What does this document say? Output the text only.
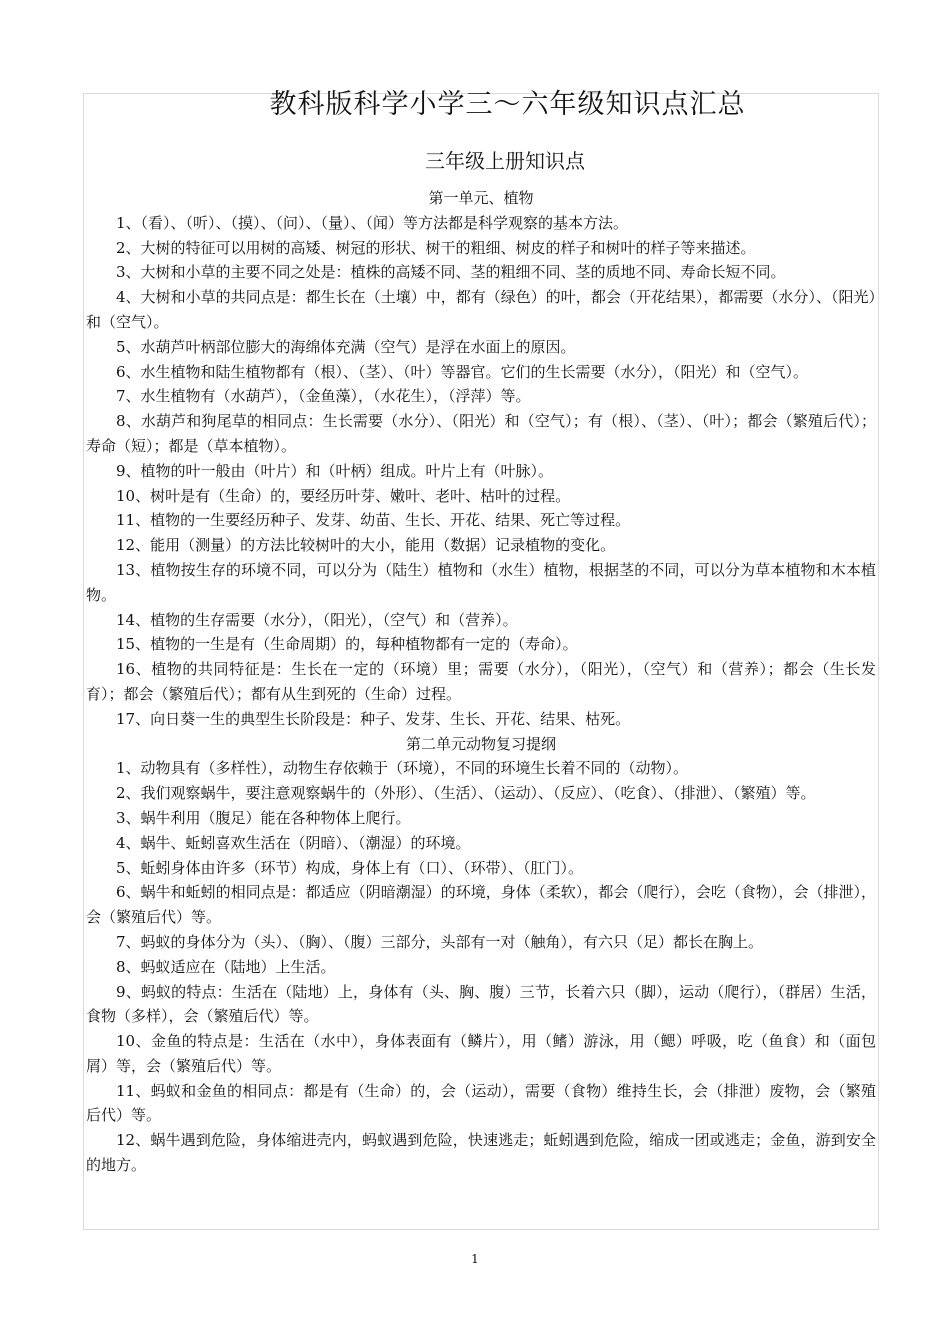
教科版科学小学三～六年级知识点汇总
三年级上册知识点

第一单元、植物

1、（看）、（听）、（摸）、（问）、（量）、（闻）等方法都是科学观察的基本方法。

2、大树的特征可以用树的高矮、树冠的形状、树干的粗细、树皮的样子和树叶的样子等来描述。

3、大树和小草的主要不同之处是：植株的高矮不同、茎的粗细不同、茎的质地不同、寿命长短不同。

4、大树和小草的共同点是：都生长在（土壤）中，都有（绿色）的叶，都会（开花结果），都需要（水分）、（阳光）和（空气）。

5、水葫芦叶柄部位膨大的海绵体充满（空气）是浮在水面上的原因。

6、水生植物和陆生植物都有（根）、（茎）、（叶）等器官。它们的生长需要（水分），（阳光）和（空气）。

7、水生植物有（水葫芦），（金鱼藻），（水花生），（浮萍）等。

8、水葫芦和狗尾草的相同点：生长需要（水分）、（阳光）和（空气）；有（根）、（茎）、（叶）；都会（繁殖后代）；寿命（短）；都是（草本植物）。

9、植物的叶一般由（叶片）和（叶柄）组成。叶片上有（叶脉）。

10、树叶是有（生命）的，要经历叶芽、嫩叶、老叶、枯叶的过程。

11、植物的一生要经历种子、发芽、幼苗、生长、开花、结果、死亡等过程。

12、能用（测量）的方法比较树叶的大小，能用（数据）记录植物的变化。

13、植物按生存的环境不同，可以分为（陆生）植物和（水生）植物，根据茎的不同，可以分为草本植物和木本植物。

14、植物的生存需要（水分），（阳光），（空气）和（营养）。

15、植物的一生是有（生命周期）的，每种植物都有一定的（寿命）。

16、植物的共同特征是：生长在一定的（环境）里；需要（水分），（阳光），（空气）和（营养）；都会（生长发育）；都会（繁殖后代）；都有从生到死的（生命）过程。

17、向日葵一生的典型生长阶段是：种子、发芽、生长、开花、结果、枯死。

第二单元动物复习提纲

1、动物具有（多样性），动物生存依赖于（环境），不同的环境生长着不同的（动物）。

2、我们观察蜗牛，要注意观察蜗牛的（外形）、（生活）、（运动）、（反应）、（吃食）、（排泄）、（繁殖）等。

3、蜗牛利用（腹足）能在各种物体上爬行。

4、蜗牛、蚯蚓喜欢生活在（阴暗）、（潮湿）的环境。

5、蚯蚓身体由许多（环节）构成，身体上有（口）、（环带）、（肛门）。

6、蜗牛和蚯蚓的相同点是：都适应（阴暗潮湿）的环境，身体（柔软），都会（爬行），会吃（食物），会（排泄），会（繁殖后代）等。

7、蚂蚁的身体分为（头）、（胸）、（腹）三部分，头部有一对（触角），有六只（足）都长在胸上。

8、蚂蚁适应在（陆地）上生活。

9、蚂蚁的特点：生活在（陆地）上，身体有（头、胸、腹）三节，长着六只（脚），运动（爬行），（群居）生活，食物（多样），会（繁殖后代）等。

10、金鱼的特点是：生活在（水中），身体表面有（鳞片），用（鳍）游泳，用（鳃）呼吸，吃（鱼食）和（面包屑）等，会（繁殖后代）等。

11、蚂蚁和金鱼的相同点：都是有（生命）的，会（运动），需要（食物）维持生长，会（排泄）废物，会（繁殖后代）等。

12、蜗牛遇到危险，身体缩进壳内，蚂蚁遇到危险，快速逃走；蚯蚓遇到危险，缩成一团或逃走；金鱼，游到安全的地方。

1
